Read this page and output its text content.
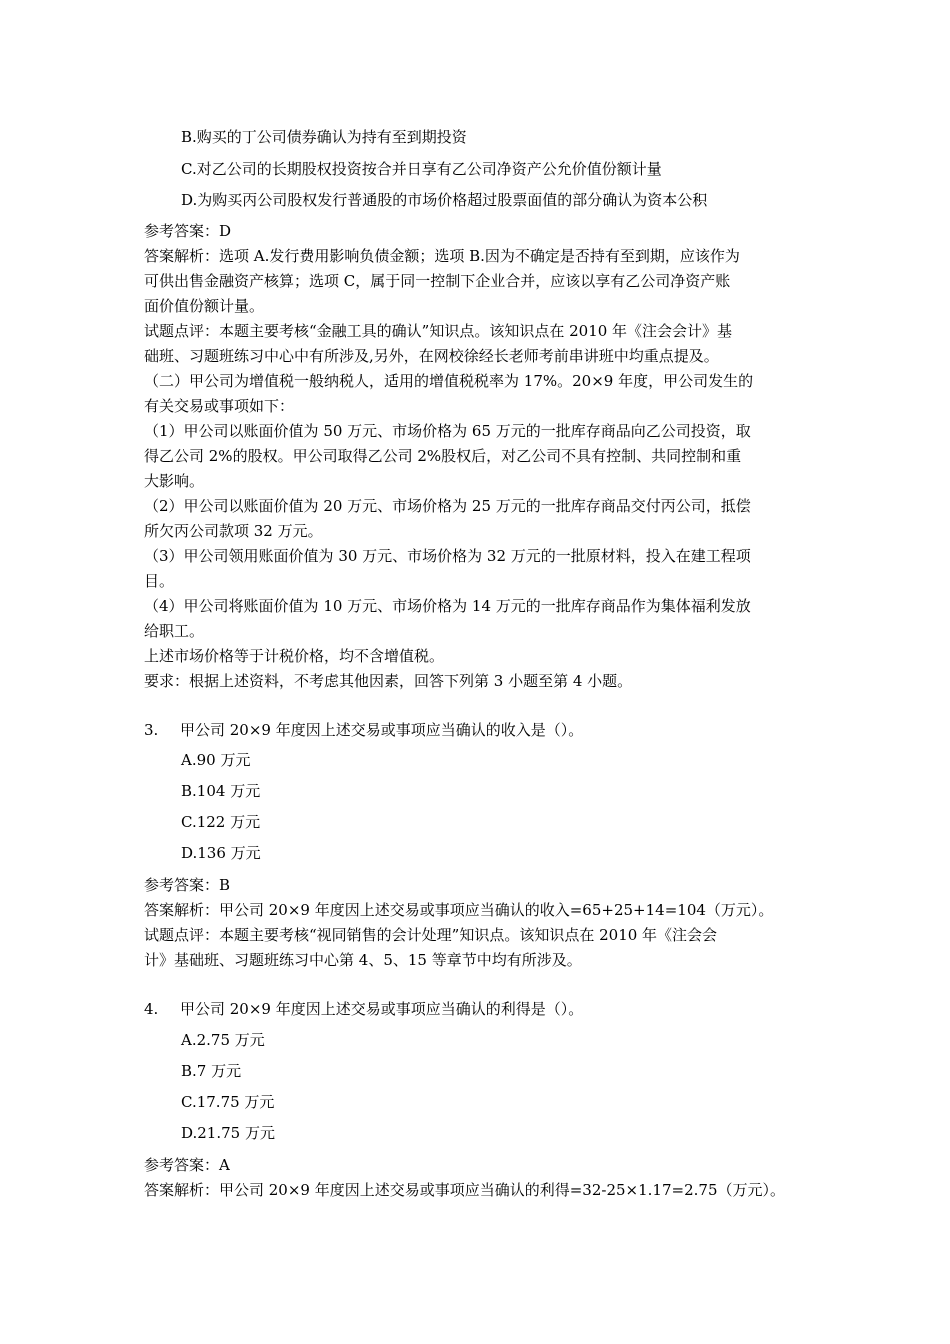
B.购买的丁公司债券确认为持有至到期投资
C.对乙公司的长期股权投资按合并日享有乙公司净资产公允价值份额计量
D.为购买丙公司股权发行普通股的市场价格超过股票面值的部分确认为资本公积
参考答案：D
答案解析：选项 A.发行费用影响负债金额；选项 B.因为不确定是否持有至到期，应该作为
可供出售金融资产核算；选项 C，属于同一控制下企业合并，应该以享有乙公司净资产账
面价值份额计量。
试题点评：本题主要考核“金融工具的确认”知识点。该知识点在 2010 年《注会会计》基
础班、习题班练习中心中有所涉及,另外，在网校徐经长老师考前串讲班中均重点提及。
（二）甲公司为增值税一般纳税人，适用的增值税税率为 17%。20×9 年度，甲公司发生的
有关交易或事项如下：
（1）甲公司以账面价值为 50 万元、市场价格为 65 万元的一批库存商品向乙公司投资，取
得乙公司 2%的股权。甲公司取得乙公司 2%股权后，对乙公司不具有控制、共同控制和重
大影响。
（2）甲公司以账面价值为 20 万元、市场价格为 25 万元的一批库存商品交付丙公司，抵偿
所欠丙公司款项 32 万元。
（3）甲公司领用账面价值为 30 万元、市场价格为 32 万元的一批原材料，投入在建工程项
目。
（4）甲公司将账面价值为 10 万元、市场价格为 14 万元的一批库存商品作为集体福利发放
给职工。
上述市场价格等于计税价格，均不含增值税。
要求：根据上述资料，不考虑其他因素，回答下列第 3 小题至第 4 小题。
3. 甲公司 20×9 年度因上述交易或事项应当确认的收入是（）。
A.90 万元
B.104 万元
C.122 万元
D.136 万元
参考答案：B
答案解析：甲公司 20×9 年度因上述交易或事项应当确认的收入=65+25+14=104（万元）。
试题点评：本题主要考核“视同销售的会计处理”知识点。该知识点在 2010 年《注会会
计》基础班、习题班练习中心第 4、5、15 等章节中均有所涉及。
4. 甲公司 20×9 年度因上述交易或事项应当确认的利得是（）。
A.2.75 万元
B.7 万元
C.17.75 万元
D.21.75 万元
参考答案：A
答案解析：甲公司 20×9 年度因上述交易或事项应当确认的利得=32-25×1.17=2.75（万元）。
